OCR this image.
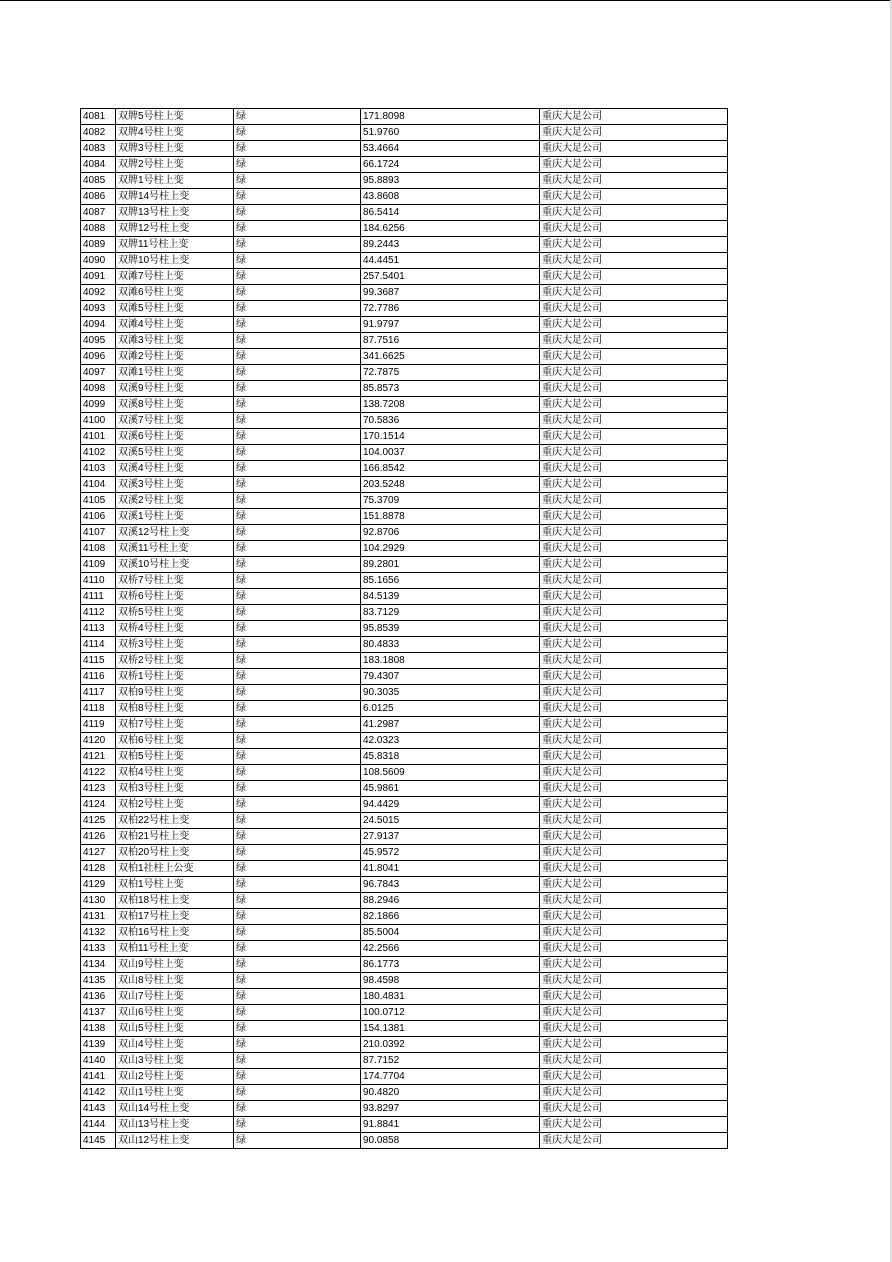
4081	双牌5号柱上变	绿	171.8098	重庆大足公司
4082	双牌4号柱上变	绿	51.9760	重庆大足公司
4083	双牌3号柱上变	绿	53.4664	重庆大足公司
4084	双牌2号柱上变	绿	66.1724	重庆大足公司
4085	双牌1号柱上变	绿	95.8893	重庆大足公司
4086	双牌14号柱上变	绿	43.8608	重庆大足公司
4087	双牌13号柱上变	绿	86.5414	重庆大足公司
4088	双牌12号柱上变	绿	184.6256	重庆大足公司
4089	双牌11号柱上变	绿	89.2443	重庆大足公司
4090	双牌10号柱上变	绿	44.4451	重庆大足公司
4091	双滩7号柱上变	绿	257.5401	重庆大足公司
4092	双滩6号柱上变	绿	99.3687	重庆大足公司
4093	双滩5号柱上变	绿	72.7786	重庆大足公司
4094	双滩4号柱上变	绿	91.9797	重庆大足公司
4095	双滩3号柱上变	绿	87.7516	重庆大足公司
4096	双滩2号柱上变	绿	341.6625	重庆大足公司
4097	双滩1号柱上变	绿	72.7875	重庆大足公司
4098	双溪9号柱上变	绿	85.8573	重庆大足公司
4099	双溪8号柱上变	绿	138.7208	重庆大足公司
4100	双溪7号柱上变	绿	70.5836	重庆大足公司
4101	双溪6号柱上变	绿	170.1514	重庆大足公司
4102	双溪5号柱上变	绿	104.0037	重庆大足公司
4103	双溪4号柱上变	绿	166.8542	重庆大足公司
4104	双溪3号柱上变	绿	203.5248	重庆大足公司
4105	双溪2号柱上变	绿	75.3709	重庆大足公司
4106	双溪1号柱上变	绿	151.8878	重庆大足公司
4107	双溪12号柱上变	绿	92.8706	重庆大足公司
4108	双溪11号柱上变	绿	104.2929	重庆大足公司
4109	双溪10号柱上变	绿	89.2801	重庆大足公司
4110	双桥7号柱上变	绿	85.1656	重庆大足公司
4111	双桥6号柱上变	绿	84.5139	重庆大足公司
4112	双桥5号柱上变	绿	83.7129	重庆大足公司
4113	双桥4号柱上变	绿	95.8539	重庆大足公司
4114	双桥3号柱上变	绿	80.4833	重庆大足公司
4115	双桥2号柱上变	绿	183.1808	重庆大足公司
4116	双桥1号柱上变	绿	79.4307	重庆大足公司
4117	双柏9号柱上变	绿	90.3035	重庆大足公司
4118	双柏8号柱上变	绿	6.0125	重庆大足公司
4119	双柏7号柱上变	绿	41.2987	重庆大足公司
4120	双柏6号柱上变	绿	42.0323	重庆大足公司
4121	双柏5号柱上变	绿	45.8318	重庆大足公司
4122	双柏4号柱上变	绿	108.5609	重庆大足公司
4123	双柏3号柱上变	绿	45.9861	重庆大足公司
4124	双柏2号柱上变	绿	94.4429	重庆大足公司
4125	双柏22号柱上变	绿	24.5015	重庆大足公司
4126	双柏21号柱上变	绿	27.9137	重庆大足公司
4127	双柏20号柱上变	绿	45.9572	重庆大足公司
4128	双柏1社柱上公变	绿	41.8041	重庆大足公司
4129	双柏1号柱上变	绿	96.7843	重庆大足公司
4130	双柏18号柱上变	绿	88.2946	重庆大足公司
4131	双柏17号柱上变	绿	82.1866	重庆大足公司
4132	双柏16号柱上变	绿	85.5004	重庆大足公司
4133	双柏11号柱上变	绿	42.2566	重庆大足公司
4134	双山9号柱上变	绿	86.1773	重庆大足公司
4135	双山8号柱上变	绿	98.4598	重庆大足公司
4136	双山7号柱上变	绿	180.4831	重庆大足公司
4137	双山6号柱上变	绿	100.0712	重庆大足公司
4138	双山5号柱上变	绿	154.1381	重庆大足公司
4139	双山4号柱上变	绿	210.0392	重庆大足公司
4140	双山3号柱上变	绿	87.7152	重庆大足公司
4141	双山2号柱上变	绿	174.7704	重庆大足公司
4142	双山1号柱上变	绿	90.4820	重庆大足公司
4143	双山14号柱上变	绿	93.8297	重庆大足公司
4144	双山13号柱上变	绿	91.8841	重庆大足公司
4145	双山12号柱上变	绿	90.0858	重庆大足公司
